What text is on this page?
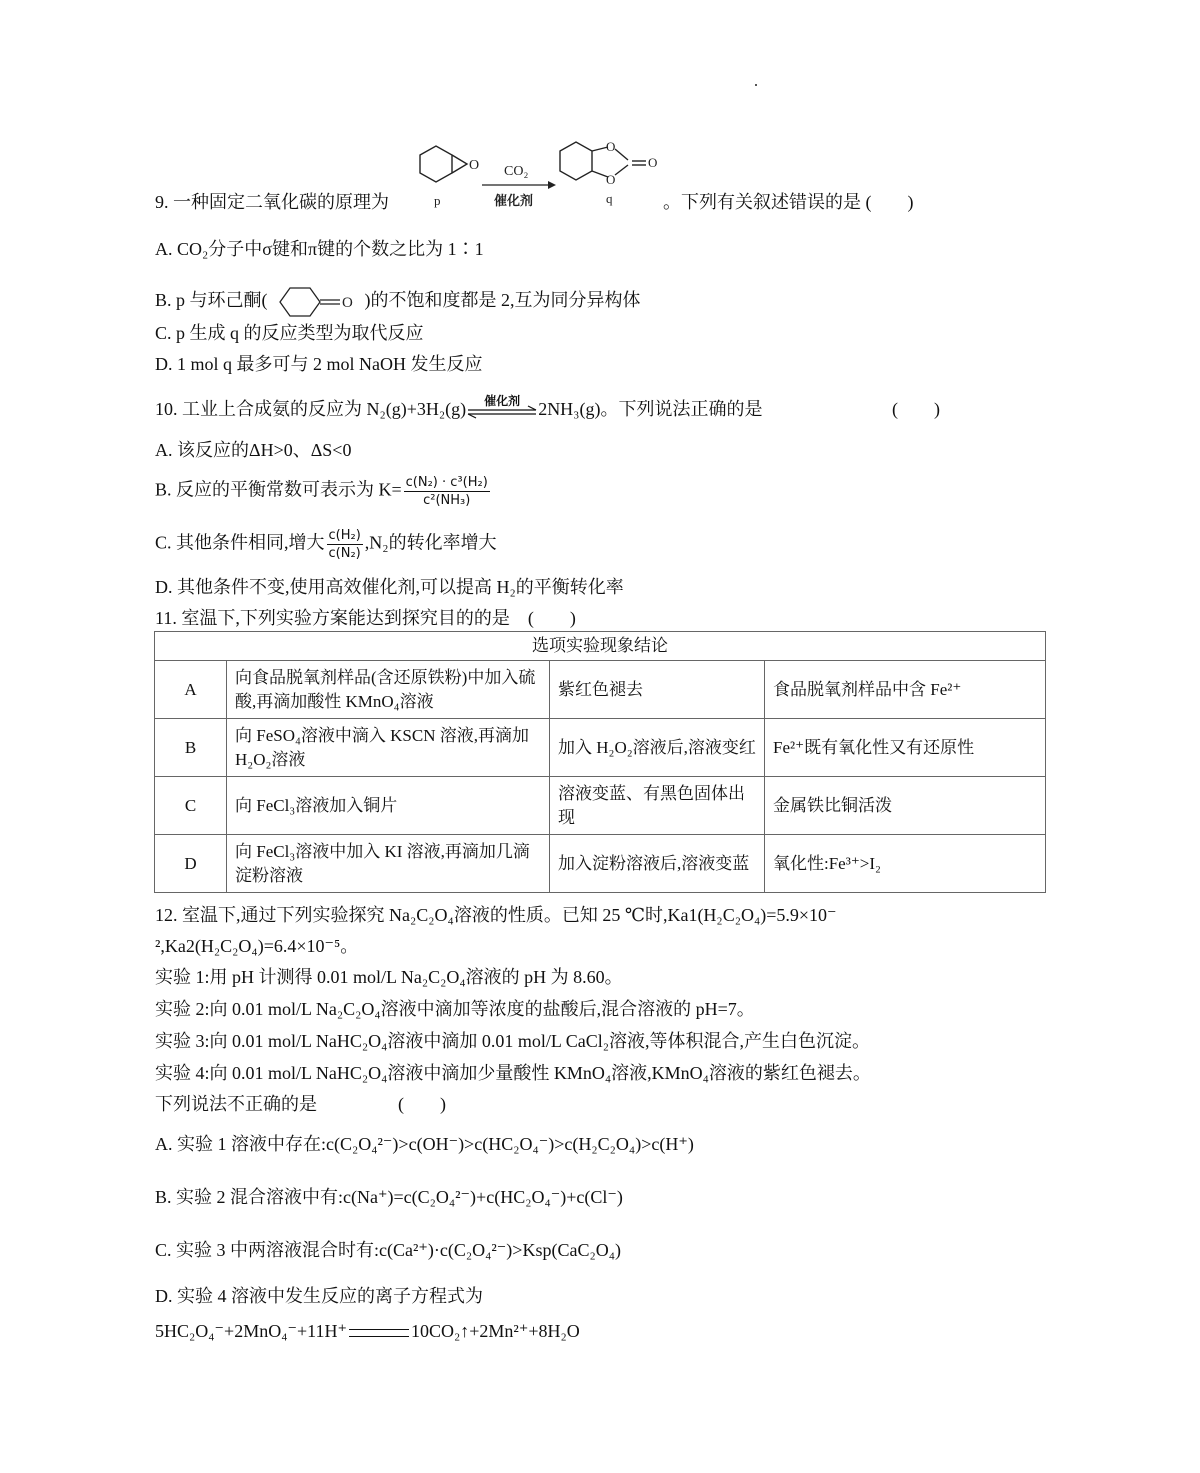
9. 一种固定二氧化碳的原理为
O
p
CO₂
催化剂
O
O
O
q	。下列有关叙述错误的是 (　　)
A. CO₂分子中σ键和π键的个数之比为 1∶1
B. p 与环己酮(	O )的不饱和度都是 2,互为同分异构体
C. p 生成 q 的反应类型为取代反应
D. 1 mol q 最多可与 2 mol NaOH 发生反应
10. 工业上合成氨的反应为 N₂(g)+3H₂(g)	催化剂	2NH₃(g)。下列说法正确的是	(　　)
A. 该反应的ΔH>0、ΔS<0
B. 反应的平衡常数可表示为 $K= \frac{\text{c(N₂) · c³(H₂)}}{\text{c²(NH₃)}}$
C. 其他条件相同,增大 $\frac{\text{c(H₂)}}{\text{c(N₂)}} ,N_2$的转化率增大
D. 其他条件不变,使用高效催化剂,可以提高 H₂的平衡转化率
11. 室温下,下列实验方案能达到探究目的的是　(　　)
选项实验现象结论			
A	向食品脱氧剂样品(含还原铁粉)中加入硫酸,再滴加酸性 KMnO₄溶液	紫红色褪去	食品脱氧剂样品中含 Fe²⁺
B	向 FeSO₄溶液中滴入 KSCN 溶液,再滴加 H₂O₂溶液	加入 H₂O₂溶液后,溶液变红	Fe²⁺既有氧化性又有还原性
C	向 FeCl₃溶液加入铜片	溶液变蓝、有黑色固体出现	金属铁比铜活泼
D	向 FeCl₃溶液中加入 KI 溶液,再滴加几滴淀粉溶液	加入淀粉溶液后,溶液变蓝	氧化性:Fe³⁺>I₂
12. 室温下,通过下列实验探究 Na₂C₂O₄溶液的性质。已知 25 ℃时,Ka1(H₂C₂O₄)=5.9×10⁻
²,Ka2(H₂C₂O₄)=6.4×10⁻⁵。
实验 1:用 pH 计测得 0.01 mol/L Na₂C₂O₄溶液的 pH 为 8.60。
实验 2:向 0.01 mol/L Na₂C₂O₄溶液中滴加等浓度的盐酸后,混合溶液的 pH=7。
实验 3:向 0.01 mol/L NaHC₂O₄溶液中滴加 0.01 mol/L CaCl₂溶液,等体积混合,产生白色沉淀。
实验 4:向 0.01 mol/L NaHC₂O₄溶液中滴加少量酸性 KMnO₄溶液,KMnO₄溶液的紫红色褪去。
下列说法不正确的是	(　　)
A. 实验 1 溶液中存在:c(C₂O₄²⁻)>c(OH⁻)>c(HC₂O₄⁻)>c(H₂C₂O₄)>c(H⁺)
B. 实验 2 混合溶液中有:c(Na⁺)=c(C₂O₄²⁻)+c(HC₂O₄⁻)+c(Cl⁻)
C. 实验 3 中两溶液混合时有:c(Ca²⁺)·c(C₂O₄²⁻)>Ksp(CaC₂O₄)
D. 实验 4 溶液中发生反应的离子方程式为
5HC₂O₄⁻+2MnO₄⁻+11H⁺	10CO₂↑+2Mn²⁺+8H₂O
